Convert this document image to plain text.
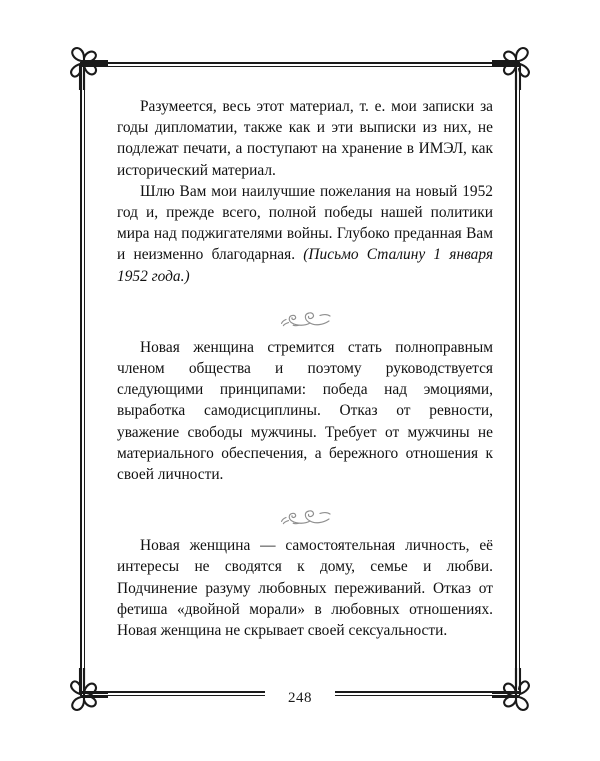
248

Разумеется, весь этот материал, т. е. мои записки за годы дипломатии, также как и эти выписки из них, не подлежат печати, а поступают на хранение в ИМЭЛ, как исторический материал.

Шлю Вам мои наилучшие пожелания на новый 1952 год и, прежде всего, полной победы нашей политики мира над поджигателями войны. Глубоко преданная Вам и неизменно благодарная. (Письмо Сталину 1 января 1952 года.)

Новая женщина стремится стать полноправным членом общества и поэтому руководствуется следующими принципами: победа над эмоциями, выработка самодисциплины. Отказ от ревности, уважение свободы мужчины. Требует от мужчины не материального обеспечения, а бережного отношения к своей личности.

Новая женщина — самостоятельная личность, её интересы не сводятся к дому, семье и любви. Подчинение разуму любовных переживаний. Отказ от фетиша «двойной морали» в любовных отношениях. Новая женщина не скрывает своей сексуальности.
